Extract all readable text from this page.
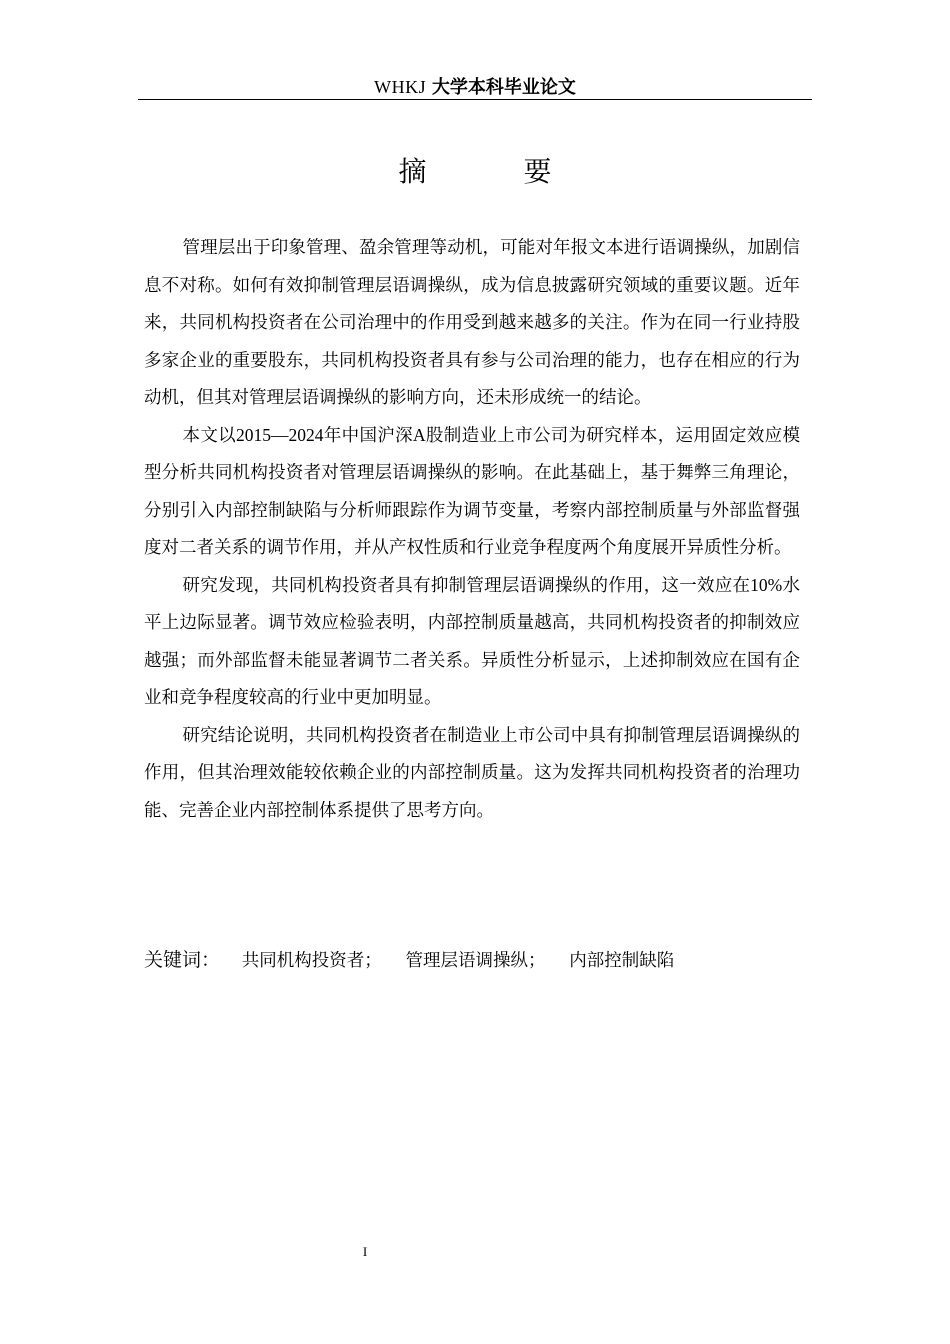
WHKJ 大学本科毕业论文
摘 要

管理层出于印象管理、盈余管理等动机，可能对年报文本进行语调操纵，加剧信息不对称。如何有效抑制管理层语调操纵，成为信息披露研究领域的重要议题。近年来，共同机构投资者在公司治理中的作用受到越来越多的关注。作为在同一行业持股多家企业的重要股东，共同机构投资者具有参与公司治理的能力，也存在相应的行为动机，但其对管理层语调操纵的影响方向，还未形成统一的结论。

本文以2015—2024年中国沪深A股制造业上市公司为研究样本，运用固定效应模型分析共同机构投资者对管理层语调操纵的影响。在此基础上，基于舞弊三角理论，分别引入内部控制缺陷与分析师跟踪作为调节变量，考察内部控制质量与外部监督强度对二者关系的调节作用，并从产权性质和行业竞争程度两个角度展开异质性分析。

研究发现，共同机构投资者具有抑制管理层语调操纵的作用，这一效应在10%水平上边际显著。调节效应检验表明，内部控制质量越高，共同机构投资者的抑制效应越强；而外部监督未能显著调节二者关系。异质性分析显示，上述抑制效应在国有企业和竞争程度较高的行业中更加明显。

研究结论说明，共同机构投资者在制造业上市公司中具有抑制管理层语调操纵的作用，但其治理效能较依赖企业的内部控制质量。这为发挥共同机构投资者的治理功能、完善企业内部控制体系提供了思考方向。

关键词： 共同机构投资者； 管理层语调操纵； 内部控制缺陷
I
